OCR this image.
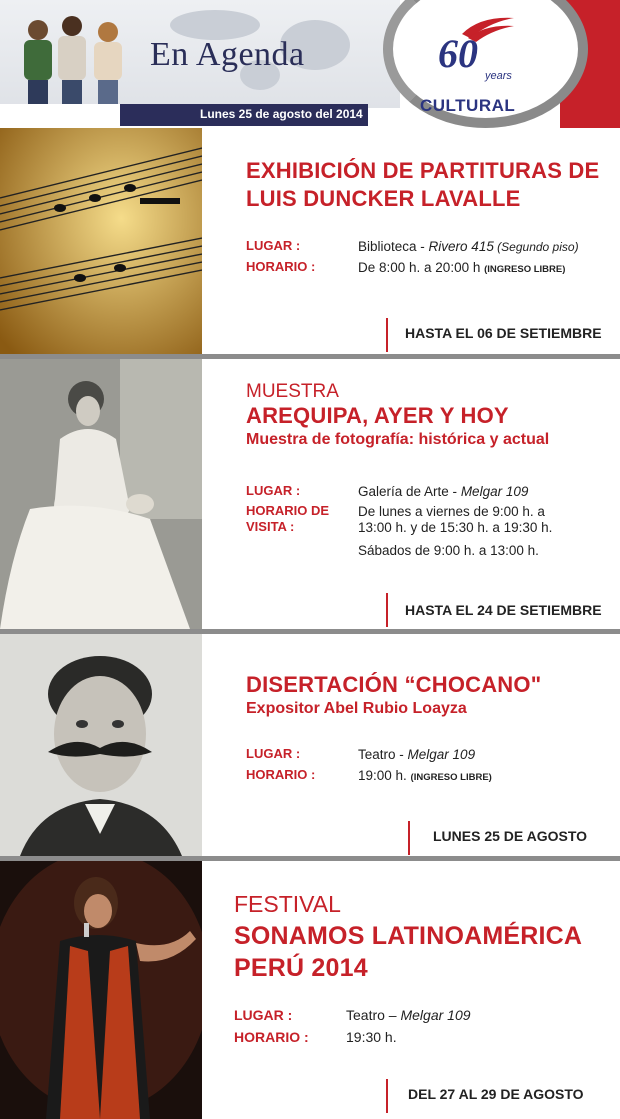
En Agenda
Lunes 25 de agosto del 2014
60 years
CULTURAL
EXHIBICIÓN DE PARTITURAS DE
LUIS DUNCKER LAVALLE
LUGAR :	Biblioteca - Rivero 415 (Segundo piso)
HORARIO :	De 8:00 h. a 20:00 h (INGRESO LIBRE)
HASTA EL 06 DE SETIEMBRE
MUESTRA
AREQUIPA, AYER Y HOY
Muestra de fotografía: histórica y actual
LUGAR :	Galería de Arte - Melgar 109
HORARIO DE
VISITA :
De lunes a viernes de 9:00 h. a
13:00 h. y de 15:30 h. a 19:30 h.
Sábados de 9:00 h. a 13:00 h.
HASTA EL 24 DE SETIEMBRE
DISERTACIÓN “CHOCANO"
Expositor Abel Rubio Loayza
LUGAR :	Teatro - Melgar 109
HORARIO :	19:00 h. (INGRESO LIBRE)
LUNES 25 DE AGOSTO
FESTIVAL
SONAMOS LATINOAMÉRICA
PERÚ 2014
LUGAR :	Teatro – Melgar 109
HORARIO :	19:30 h.
DEL 27 AL 29 DE AGOSTO
